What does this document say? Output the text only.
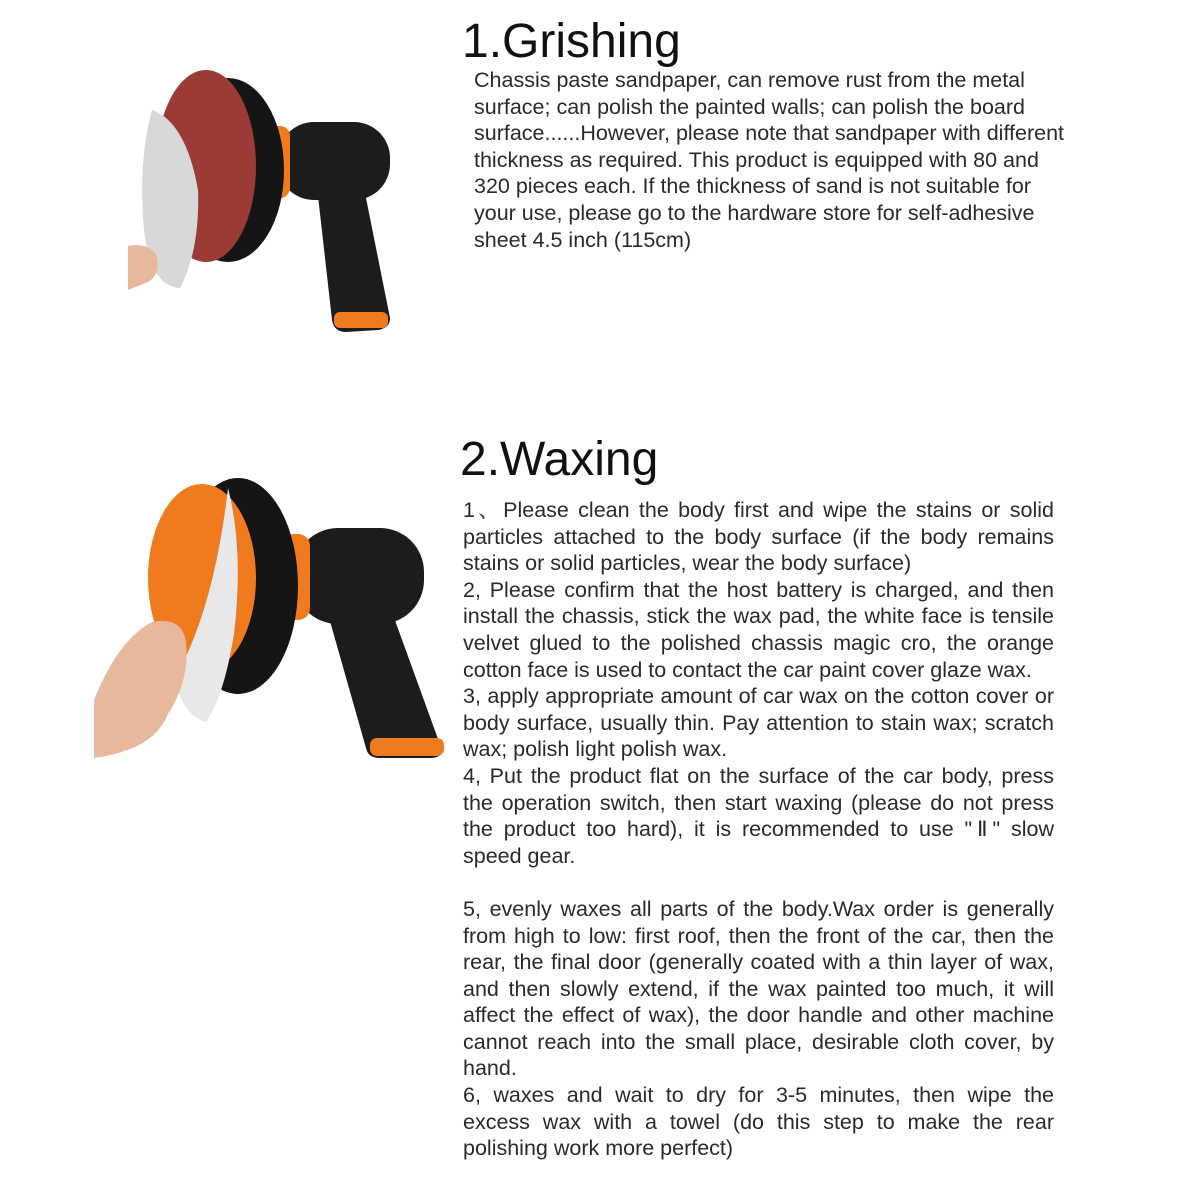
1.Grishing

Chassis paste sandpaper, can remove rust from the metal surface; can polish the painted walls; can polish the board surface......However, please note that sandpaper with different thickness as required. This product is equipped with 80 and 320 pieces each. If the thickness of sand is not suitable for your use, please go to the hardware store for self-adhesive sheet 4.5 inch (115cm)

2.Waxing

1、Please clean the body first and wipe the stains or solid particles attached to the body surface (if the body remains stains or solid particles, wear the body surface)

2, Please confirm that the host battery is charged, and then install the chassis, stick the wax pad, the white face is tensile velvet glued to the polished chassis magic cro, the orange cotton face is used to contact the car paint cover glaze wax.

3, apply appropriate amount of car wax on the cotton cover or body surface, usually thin. Pay attention to stain wax; scratch wax; polish light polish wax.

4, Put the product flat on the surface of the car body, press the operation switch, then start waxing (please do not press the product too hard), it is recommended to use "Ⅱ" slow speed gear.

5, evenly waxes all parts of the body.Wax order is generally from high to low: first roof, then the front of the car, then the rear, the final door (generally coated with a thin layer of wax, and then slowly extend, if the wax painted too much, it will affect the effect of wax), the door handle and other machine cannot reach into the small place, desirable cloth cover, by hand.

6, waxes and wait to dry for 3-5 minutes, then wipe the excess wax with a towel (do this step to make the rear polishing work more perfect)
